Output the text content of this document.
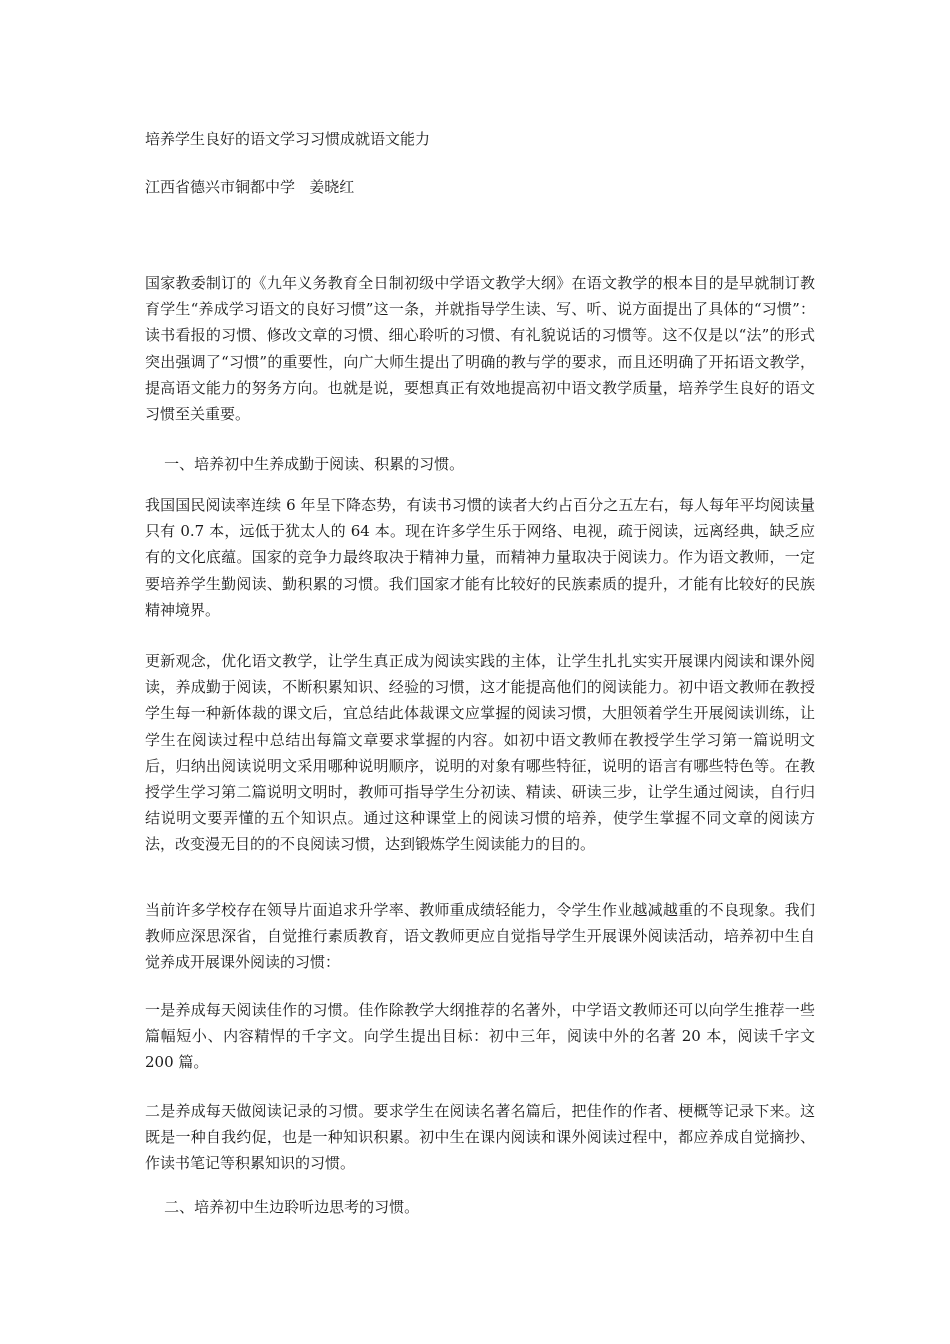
培养学生良好的语文学习习惯成就语文能力
江西省德兴市铜都中学   姜晓红

国家教委制订的《九年义务教育全日制初级中学语文教学大纲》在语文教学的根本目的是早就制订教育学生“养成学习语文的良好习惯”这一条，并就指导学生读、写、听、说方面提出了具体的“习惯”：读书看报的习惯、修改文章的习惯、细心聆听的习惯、有礼貌说话的习惯等。这不仅是以“法”的形式突出强调了“习惯”的重要性，向广大师生提出了明确的教与学的要求，而且还明确了开拓语文教学，提高语文能力的努务方向。也就是说，要想真正有效地提高初中语文教学质量，培养学生良好的语文习惯至关重要。

一、培养初中生养成勤于阅读、积累的习惯。

我国国民阅读率连续 6 年呈下降态势，有读书习惯的读者大约占百分之五左右，每人每年平均阅读量只有 0.7 本，远低于犹太人的 64 本。现在许多学生乐于网络、电视，疏于阅读，远离经典，缺乏应有的文化底蕴。国家的竞争力最终取决于精神力量，而精神力量取决于阅读力。作为语文教师，一定要培养学生勤阅读、勤积累的习惯。我们国家才能有比较好的民族素质的提升，才能有比较好的民族精神境界。

更新观念，优化语文教学，让学生真正成为阅读实践的主体，让学生扎扎实实开展课内阅读和课外阅读，养成勤于阅读，不断积累知识、经验的习惯，这才能提高他们的阅读能力。初中语文教师在教授学生每一种新体裁的课文后，宜总结此体裁课文应掌握的阅读习惯，大胆领着学生开展阅读训练，让学生在阅读过程中总结出每篇文章要求掌握的内容。如初中语文教师在教授学生学习第一篇说明文后，归纳出阅读说明文采用哪种说明顺序，说明的对象有哪些特征，说明的语言有哪些特色等。在教授学生学习第二篇说明文明时，教师可指导学生分初读、精读、研读三步，让学生通过阅读，自行归结说明文要弄懂的五个知识点。通过这种课堂上的阅读习惯的培养，使学生掌握不同文章的阅读方法，改变漫无目的的不良阅读习惯，达到锻炼学生阅读能力的目的。

当前许多学校存在领导片面追求升学率、教师重成绩轻能力，令学生作业越减越重的不良现象。我们教师应深思深省，自觉推行素质教育，语文教师更应自觉指导学生开展课外阅读活动，培养初中生自觉养成开展课外阅读的习惯：

一是养成每天阅读佳作的习惯。佳作除教学大纲推荐的名著外，中学语文教师还可以向学生推荐一些篇幅短小、内容精悍的千字文。向学生提出目标：初中三年，阅读中外的名著 20 本，阅读千字文 200 篇。

二是养成每天做阅读记录的习惯。要求学生在阅读名著名篇后，把佳作的作者、梗概等记录下来。这既是一种自我约促，也是一种知识积累。初中生在课内阅读和课外阅读过程中，都应养成自觉摘抄、作读书笔记等积累知识的习惯。

二、培养初中生边聆听边思考的习惯。
